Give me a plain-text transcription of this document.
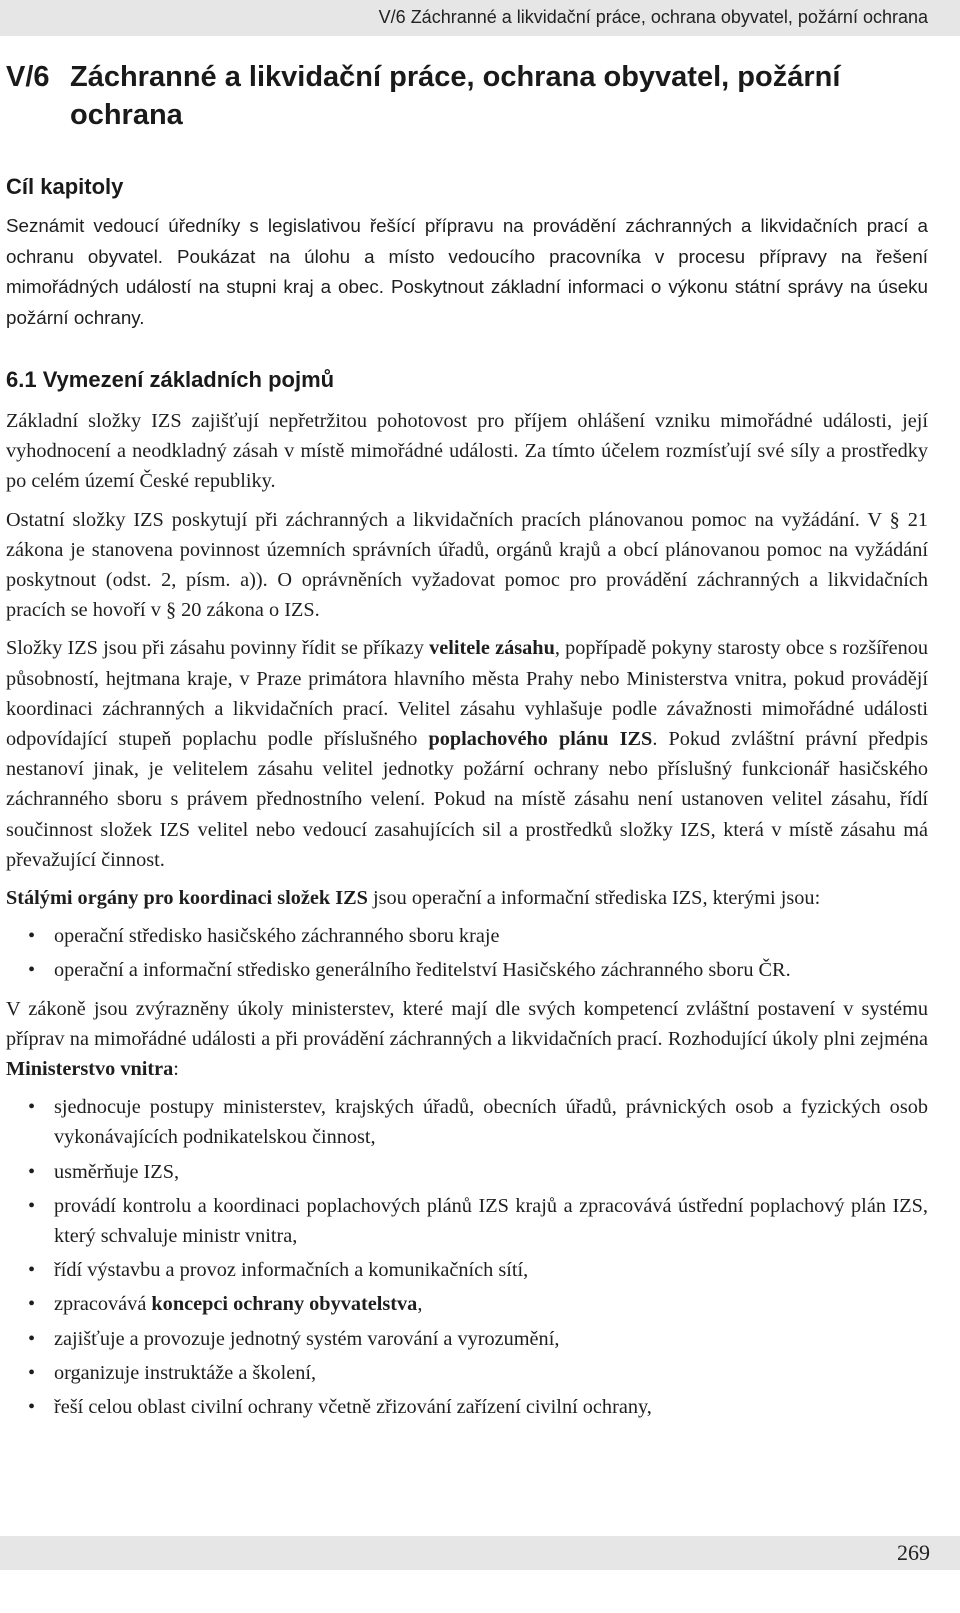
V/6 Záchranné a likvidační práce, ochrana obyvatel, požární ochrana
V/6 Záchranné a likvidační práce, ochrana obyvatel, požární ochrana
Cíl kapitoly

Seznámit vedoucí úředníky s legislativou řešící přípravu na provádění záchranných a likvidačních prací a ochranu obyvatel. Poukázat na úlohu a místo vedoucího pracovníka v procesu přípravy na řešení mimořádných událostí na stupni kraj a obec. Poskytnout základní informaci o výkonu státní správy na úseku požární ochrany.

6.1 Vymezení základních pojmů

Základní složky IZS zajišťují nepřetržitou pohotovost pro příjem ohlášení vzniku mimořádné události, její vyhodnocení a neodkladný zásah v místě mimořádné události. Za tímto účelem rozmísťují své síly a prostředky po celém území České republiky.

Ostatní složky IZS poskytují při záchranných a likvidačních pracích plánovanou pomoc na vyžádání. V § 21 zákona je stanovena povinnost územních správních úřadů, orgánů krajů a obcí plánovanou pomoc na vyžádání poskytnout (odst. 2, písm. a)). O oprávněních vyžadovat pomoc pro provádění záchranných a likvidačních pracích se hovoří v § 20 zákona o IZS.

Složky IZS jsou při zásahu povinny řídit se příkazy velitele zásahu, popřípadě pokyny starosty obce s rozšířenou působností, hejtmana kraje, v Praze primátora hlavního města Prahy nebo Ministerstva vnitra, pokud provádějí koordinaci záchranných a likvidačních prací. Velitel zásahu vyhlašuje podle závažnosti mimořádné události odpovídající stupeň poplachu podle příslušného poplachového plánu IZS. Pokud zvláštní právní předpis nestanoví jinak, je velitelem zásahu velitel jednotky požární ochrany nebo příslušný funkcionář hasičského záchranného sboru s právem přednostního velení. Pokud na místě zásahu není ustanoven velitel zásahu, řídí součinnost složek IZS velitel nebo vedoucí zasahujících sil a prostředků složky IZS, která v místě zásahu má převažující činnost.

Stálými orgány pro koordinaci složek IZS jsou operační a informační střediska IZS, kterými jsou:

• operační středisko hasičského záchranného sboru kraje
• operační a informační středisko generálního ředitelství Hasičského záchranného sboru ČR.

V zákoně jsou zvýrazněny úkoly ministerstev, které mají dle svých kompetencí zvláštní postavení v systému příprav na mimořádné události a při provádění záchranných a likvidačních prací. Rozhodující úkoly plni zejména Ministerstvo vnitra:

• sjednocuje postupy ministerstev, krajských úřadů, obecních úřadů, právnických osob a fyzických osob vykonávajících podnikatelskou činnost,
• usměrňuje IZS,
• provádí kontrolu a koordinaci poplachových plánů IZS krajů a zpracovává ústřední poplachový plán IZS, který schvaluje ministr vnitra,
• řídí výstavbu a provoz informačních a komunikačních sítí,
• zpracovává koncepci ochrany obyvatelstva,
• zajišťuje a provozuje jednotný systém varování a vyrozumění,
• organizuje instruktáže a školení,
• řeší celou oblast civilní ochrany včetně zřizování zařízení civilní ochrany,
269
